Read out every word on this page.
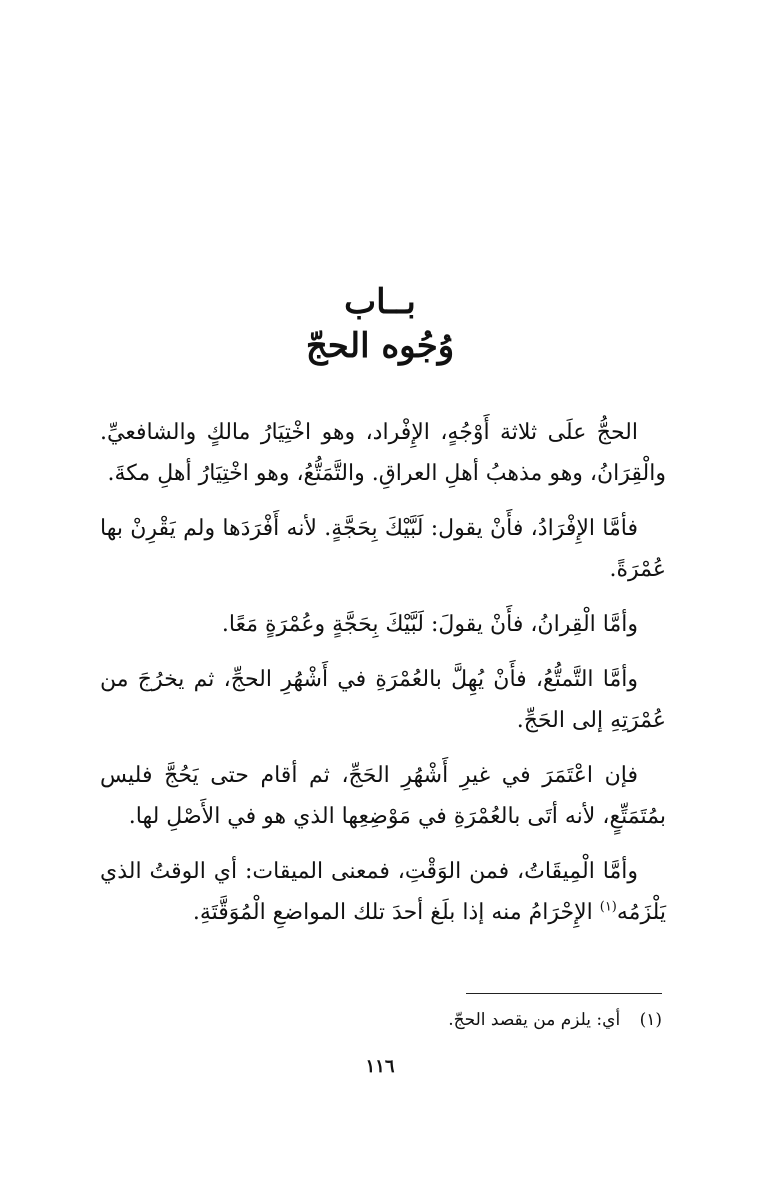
بــاب
وُجُوه الحجّ

الحجُّ علَى ثلاثة أَوْجُهٍ، الإِفْراد، وهو اخْتِيَارُ مالكٍ والشافعيِّ. والْقِرَانُ، وهو مذهبُ أهلِ العراقِ. والتَّمَتُّعُ، وهو اخْتِيَارُ أهلِ مكةَ.

فأمَّا الإِفْرَادُ، فأَنْ يقول: لَبَّيْكَ بِحَجَّةٍ. لأنه أَفْرَدَها ولم يَقْرِنْ بها عُمْرَةً.

وأمَّا الْقِرانُ، فأَنْ يقولَ: لَبَّيْكَ بِحَجَّةٍ وعُمْرَةٍ مَعًا.

وأمَّا التَّمتُّعُ، فأَنْ يُهِلَّ بالعُمْرَةِ في أَشْهُرِ الحجِّ، ثم يخرُجَ من عُمْرَتِهِ إلى الحَجِّ.

فإن اعْتَمَرَ في غيرِ أَشْهُرِ الحَجِّ، ثم أقام حتى يَحُجَّ فليس بمُتَمَتِّعٍ، لأنه أتَى بالعُمْرَةِ في مَوْضِعِها الذي هو في الأَصْلِ لها.

وأمَّا الْمِيقَاتُ، فمن الوَقْتِ، فمعنى الميقات: أي الوقتُ الذي يَلْزَمُه$^{(١)}$ الإِحْرَامُ منه إذا بلَغ أحدَ تلك المواضعِ الْمُوَقَّتَةِ.

(١) أي: يلزم من يقصد الحجّ.
١١٦
